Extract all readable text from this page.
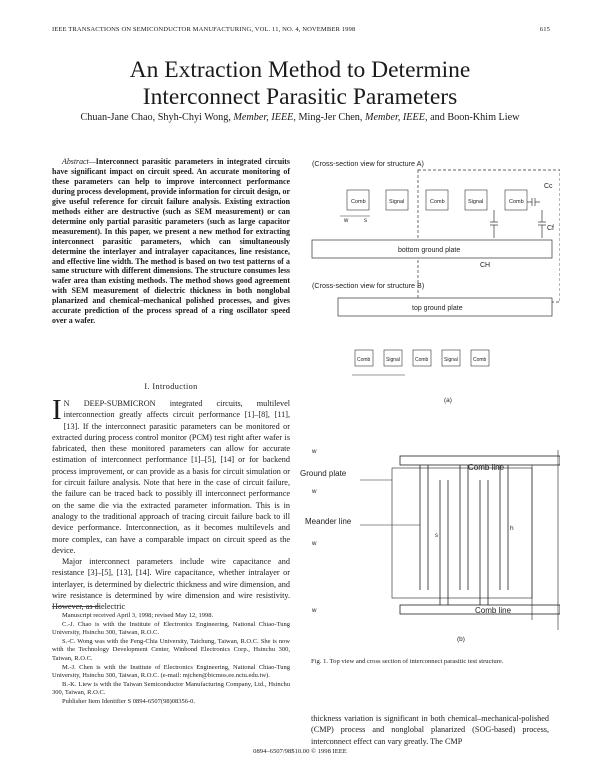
IEEE TRANSACTIONS ON SEMICONDUCTOR MANUFACTURING, VOL. 11, NO. 4, NOVEMBER 1998	615
An Extraction Method to Determine
Interconnect Parasitic Parameters
Chuan-Jane Chao, Shyh-Chyi Wong, Member, IEEE, Ming-Jer Chen, Member, IEEE, and Boon-Khim Liew
Abstract—Interconnect parasitic parameters in integrated circuits have significant impact on circuit speed. An accurate monitoring of these parameters can help to improve interconnect performance during process development, provide information for circuit design, or give useful reference for circuit failure analysis. Existing extraction methods either are destructive (such as SEM measurement) or can determine only partial parasitic parameters (such as large capacitor measurement). In this paper, we present a new method for extracting interconnect parasitic parameters, which can simultaneously determine the interlayer and intralayer capacitances, line resistance, and effective line width. The method is based on two test patterns of a same structure with different dimensions. The structure consumes less wafer area than existing methods. The method shows good agreement with SEM measurement of dielectric thickness in both nonglobal planarized and chemical–mechanical polished processes, and gives accurate prediction of the process spread of a ring oscillator speed over a wafer.
I. Introduction

I N DEEP-SUBMICRON integrated circuits, multilevel interconnection greatly affects circuit performance [1]–[8], [11], [13]. If the interconnect parasitic parameters can be monitored or extracted during process control monitor (PCM) test right after wafer is fabricated, then these monitored parameters can allow for accurate estimation of interconnect performance [1]–[5], [14] or for backend process improvement, or can provide as a basis for circuit simulation or for circuit failure analysis. Note that here in the case of circuit failure, the failure can be traced back to possibly ill interconnect performance on the same die via the extracted parameter information. This is in analogy to the traditional approach of tracing circuit failure back to ill device performance. Interconnection, as it becomes multilevels and more complex, can have a comparable impact on circuit speed as the device.

Major interconnect parameters include wire capacitance and resistance [3]–[5], [13], [14]. Wire capacitance, whether intralayer or interlayer, is determined by dielectric thickness and wire dimension, and wire resistance is determined by wire dimension and wire resistivity. However, as dielectric

Manuscript received April 3, 1998; revised May 12, 1998.

C.-J. Chao is with the Institute of Electronics Engineering, National Chiao-Tung University, Hsinchu 300, Taiwan, R.O.C.

S.-C. Wong was with the Feng-Chia University, Taichung, Taiwan, R.O.C. She is now with the Technology Development Center, Winbond Electronics Corp., Hsinchu 300, Taiwan, R.O.C.

M.-J. Chen is with the Institute of Electronics Engineering, National Chiao-Tung University, Hsinchu 300, Taiwan, R.O.C. (e-mail: mjchen@bicmos.ee.nctu.edu.tw).

B.-K. Liew is with the Taiwan Semiconductor Manufacturing Company, Ltd., Hsinchu 300, Taiwan, R.O.C.

Publisher Item Identifier S 0894-6507(98)08356-0.

(Cross-section view for structure A)
Comb	Signal	Comb	Signal	Comb
Cc
CH
Cf
w	s
bottom ground plate
(Cross-section view for structure B)
top ground plate
Comb	Signal	Comb	Signal	Comb
(a)
w
w
w
w
h
s
Comb line
Ground plate
Meander line
Comb line
(b)
Fig. 1. Top view and cross section of interconnect parasitic test structure.
thickness variation is significant in both chemical–mechanical-polished (CMP) process and nonglobal planarized (SOG-based) process, interconnect effect can vary greatly. The CMP
0894–6507/98$10.00 © 1998 IEEE
